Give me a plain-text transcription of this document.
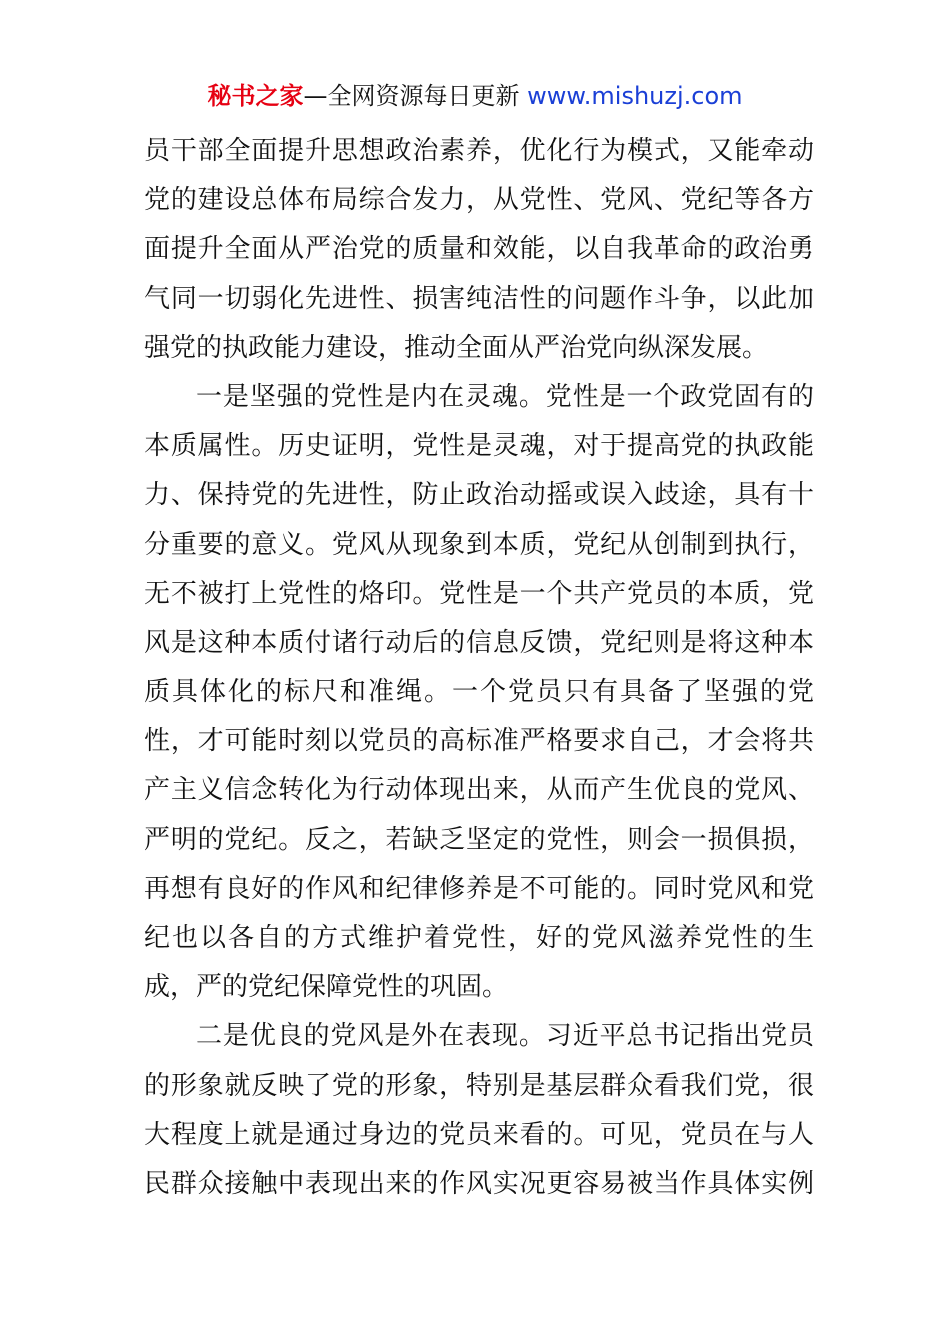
秘书之家—全网资源每日更新 www.mishuzj.com
员干部全面提升思想政治素养，优化行为模式，又能牵动
党的建设总体布局综合发力，从党性、党风、党纪等各方
面提升全面从严治党的质量和效能，以自我革命的政治勇
气同一切弱化先进性、损害纯洁性的问题作斗争，以此加
强党的执政能力建设，推动全面从严治党向纵深发展。
一是坚强的党性是内在灵魂。党性是一个政党固有的
本质属性。历史证明，党性是灵魂，对于提高党的执政能
力、保持党的先进性，防止政治动摇或误入歧途，具有十
分重要的意义。党风从现象到本质，党纪从创制到执行，
无不被打上党性的烙印。党性是一个共产党员的本质，党
风是这种本质付诸行动后的信息反馈，党纪则是将这种本
质具体化的标尺和准绳。一个党员只有具备了坚强的党
性，才可能时刻以党员的高标准严格要求自己，才会将共
产主义信念转化为行动体现出来，从而产生优良的党风、
严明的党纪。反之，若缺乏坚定的党性，则会一损俱损，
再想有良好的作风和纪律修养是不可能的。同时党风和党
纪也以各自的方式维护着党性，好的党风滋养党性的生
成，严的党纪保障党性的巩固。
二是优良的党风是外在表现。习近平总书记指出党员
的形象就反映了党的形象，特别是基层群众看我们党，很
大程度上就是通过身边的党员来看的。可见，党员在与人
民群众接触中表现出来的作风实况更容易被当作具体实例
